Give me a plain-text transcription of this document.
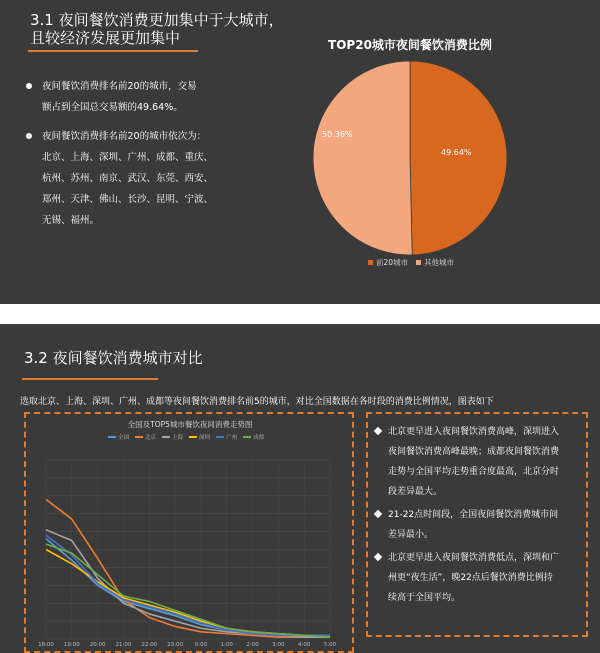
3.1 夜间餐饮消费更加集中于大城市，
且较经济发展更加集中
夜间餐饮消费排名前20的城市，交易
额占到全国总交易额的49.64%。
夜间餐饮消费排名前20的城市依次为：
北京、上海、深圳、广州、成都、重庆、
杭州、苏州、南京、武汉、东莞、西安、
郑州、天津、佛山、长沙、昆明、宁波、
无锡、福州。
TOP20城市夜间餐饮消费比例
50.36%
49.64%
前20城市 其他城市
3.2 夜间餐饮消费城市对比
选取北京、上海、深圳、广州、成都等夜间餐饮消费排名前5的城市，对比全国数据在各时段的消费比例情况，图表如下
全国及TOP5城市餐饮夜间消费走势图
全国	北京	上海	深圳	广州	成都
18:00 19:00 20:00 21:00 22:00 23:00 0:00 1:00 2:00 3:00 4:00 5:00
北京更早进入夜间餐饮消费高峰，深圳进入
夜间餐饮消费高峰最晚；成都夜间餐饮消费
走势与全国平均走势重合度最高，北京分时
段差异最大。
21-22点时间段，全国夜间餐饮消费城市间
差异最小。
北京更早进入夜间餐饮消费低点，深圳和广
州更“夜生活”，晚22点后餐饮消费比例持
续高于全国平均。
